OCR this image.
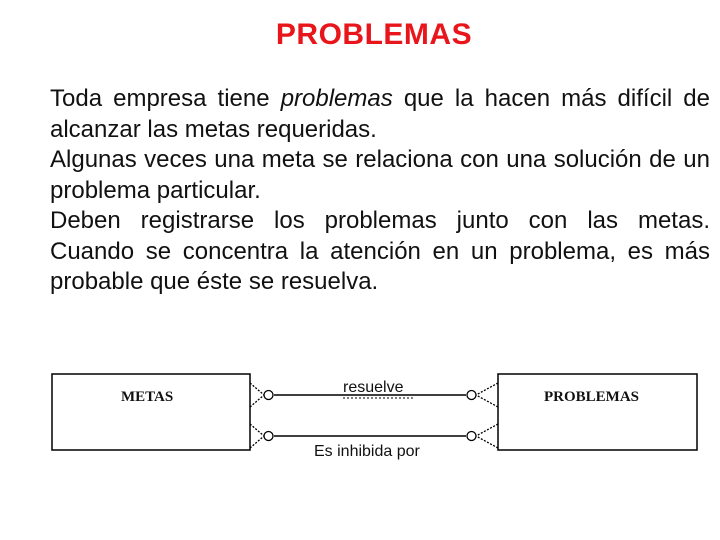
PROBLEMAS

Toda empresa tiene problemas que la hacen más difícil de alcanzar las metas requeridas.

Algunas veces una meta se relaciona con una solución de un problema particular.

Deben registrarse los problemas junto con las metas.

Cuando se concentra la atención en un problema, es más probable que éste se resuelva.

METAS	PROBLEMAS
resuelve
Es inhibida por
